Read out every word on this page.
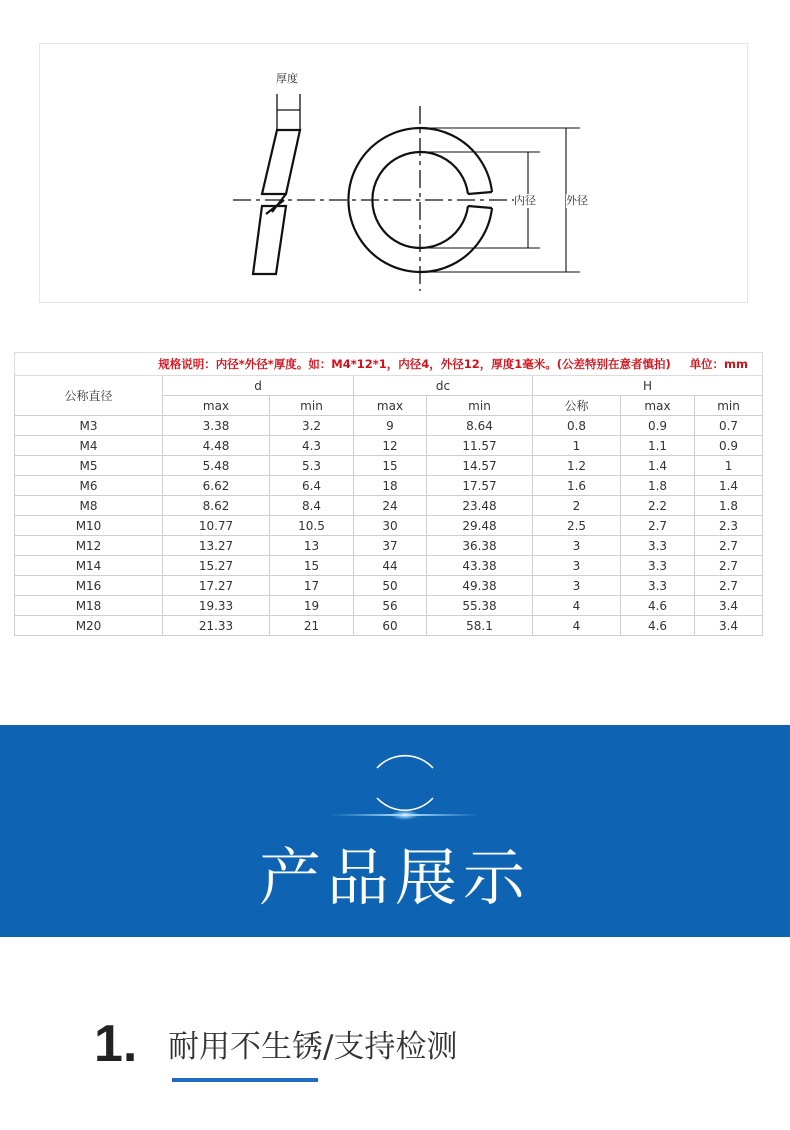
厚度
内径	外径
规格说明：内径*外径*厚度。如：M4*12*1，内径4，外径12，厚度1毫米。(公差特别在意者慎拍) 单位：mm							

公称直径	d		dc		H		
	max	min	max	min	公称	max	min
M3	3.38	3.2	9	8.64	0.8	0.9	0.7
M4	4.48	4.3	12	11.57	1	1.1	0.9
M5	5.48	5.3	15	14.57	1.2	1.4	1
M6	6.62	6.4	18	17.57	1.6	1.8	1.4
M8	8.62	8.4	24	23.48	2	2.2	1.8
M10	10.77	10.5	30	29.48	2.5	2.7	2.3
M12	13.27	13	37	36.38	3	3.3	2.7
M14	15.27	15	44	43.38	3	3.3	2.7
M16	17.27	17	50	49.38	3	3.3	2.7
M18	19.33	19	56	55.38	4	4.6	3.4
M20	21.33	21	60	58.1	4	4.6	3.4
产品展示
1. 耐用不生锈/支持检测
